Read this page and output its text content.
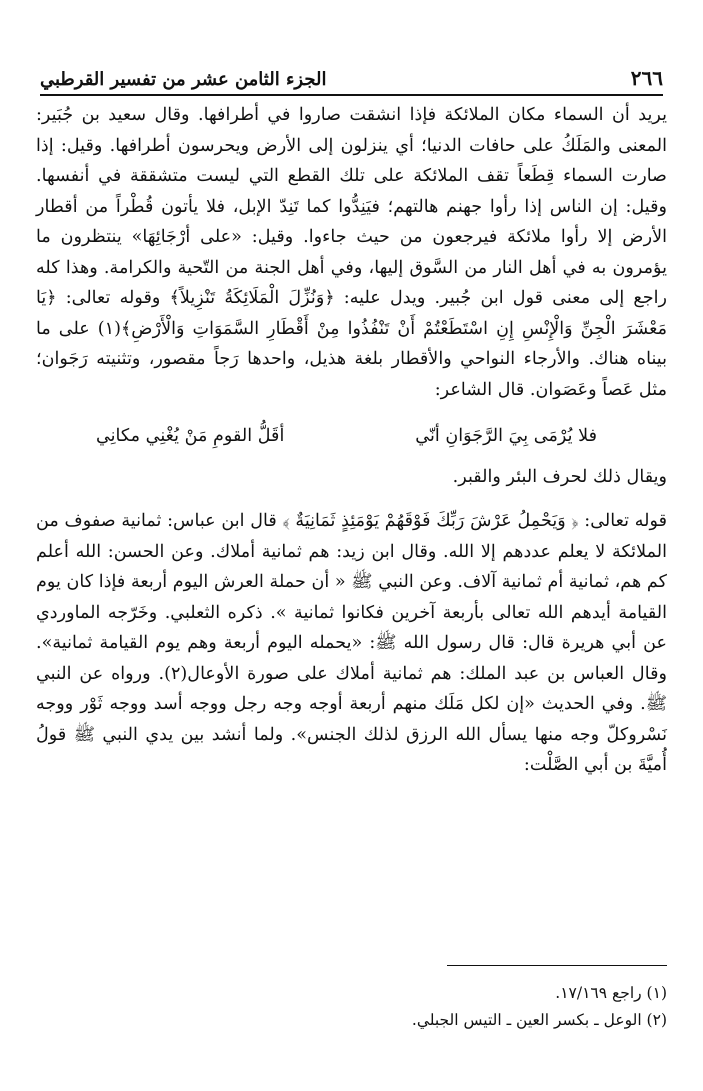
٢٦٦
الجزء الثامن عشر من تفسير القرطبي

يريد أن السماء مكان الملائكة فإذا انشقت صاروا في أطرافها. وقال سعيد بن جُبَير: المعنى والمَلَكُ على حافات الدنيا؛ أي ينزلون إلى الأرض ويحرسون أطرافها. وقيل: إذا صارت السماء قِطَعاً تقف الملائكة على تلك القطع التي ليست متشققة في أنفسها. وقيل: إن الناس إذا رأوا جهنم هالتهم؛ فيَنِدُّوا كما تَنِدّ الإبل، فلا يأتون قُطْراً من أقطار الأرض إلا رأوا ملائكة فيرجعون من حيث جاءوا. وقيل: «على أرْجَائِهَا» ينتظرون ما يؤمرون به في أهل النار من السَّوق إليها، وفي أهل الجنة من التّحية والكرامة. وهذا كله راجع إلى معنى قول ابن جُبير. ويدل عليه: ﴿وَنُزِّلَ الْمَلَائِكَةُ تَنْزِيلاً﴾ وقوله تعالى: ﴿يَا مَعْشَرَ الْجِنِّ وَالْإِنْسِ إِنِ اسْتَطَعْتُمْ أَنْ تَنْفُذُوا مِنْ أَقْطَارِ السَّمَوَاتِ وَالْأَرْضِ﴾(١) على ما بيناه هناك. والأرجاء النواحي والأقطار بلغة هذيل، واحدها رَجاً مقصور، وتثنيته رَجَوان؛ مثل عَصاً وعَصَوان. قال الشاعر:

فلا يُرْمَى بِيَ الرَّجَوَانِ أنّي
أقَلُّ القومِ مَنْ يُغْنِي مكانِي

ويقال ذلك لحرف البئر والقبر.

قوله تعالى: ﴿ وَيَحْمِلُ عَرْشَ رَبِّكَ فَوْقَهُمْ يَوْمَئِذٍ ثَمَانِيَةٌ ﴾ قال ابن عباس: ثمانية صفوف من الملائكة لا يعلم عددهم إلا الله. وقال ابن زيد: هم ثمانية أملاك. وعن الحسن: الله أعلم كم هم، ثمانية أم ثمانية آلاف. وعن النبي ﷺ « أن حملة العرش اليوم أربعة فإذا كان يوم القيامة أيدهم الله تعالى بأربعة آخرين فكانوا ثمانية ». ذكره الثعلبي. وخَرّجه الماوردي عن أبي هريرة قال: قال رسول الله ﷺ: «يحمله اليوم أربعة وهم يوم القيامة ثمانية». وقال العباس بن عبد الملك: هم ثمانية أملاك على صورة الأوعال(٢). ورواه عن النبي ﷺ. وفي الحديث «إن لكل مَلَك منهم أربعة أوجه وجه رجل ووجه أسد ووجه ثَوْر ووجه نَسْروكلّ وجه منها يسأل الله الرزق لذلك الجنس». ولما أنشد بين يدي النبي ﷺ قولُ أُميَّةَ بن أبي الصَّلْت:

(١) راجع ١٧/١٦٩.
(٢) الوعل ـ بكسر العين ـ التيس الجبلي.
